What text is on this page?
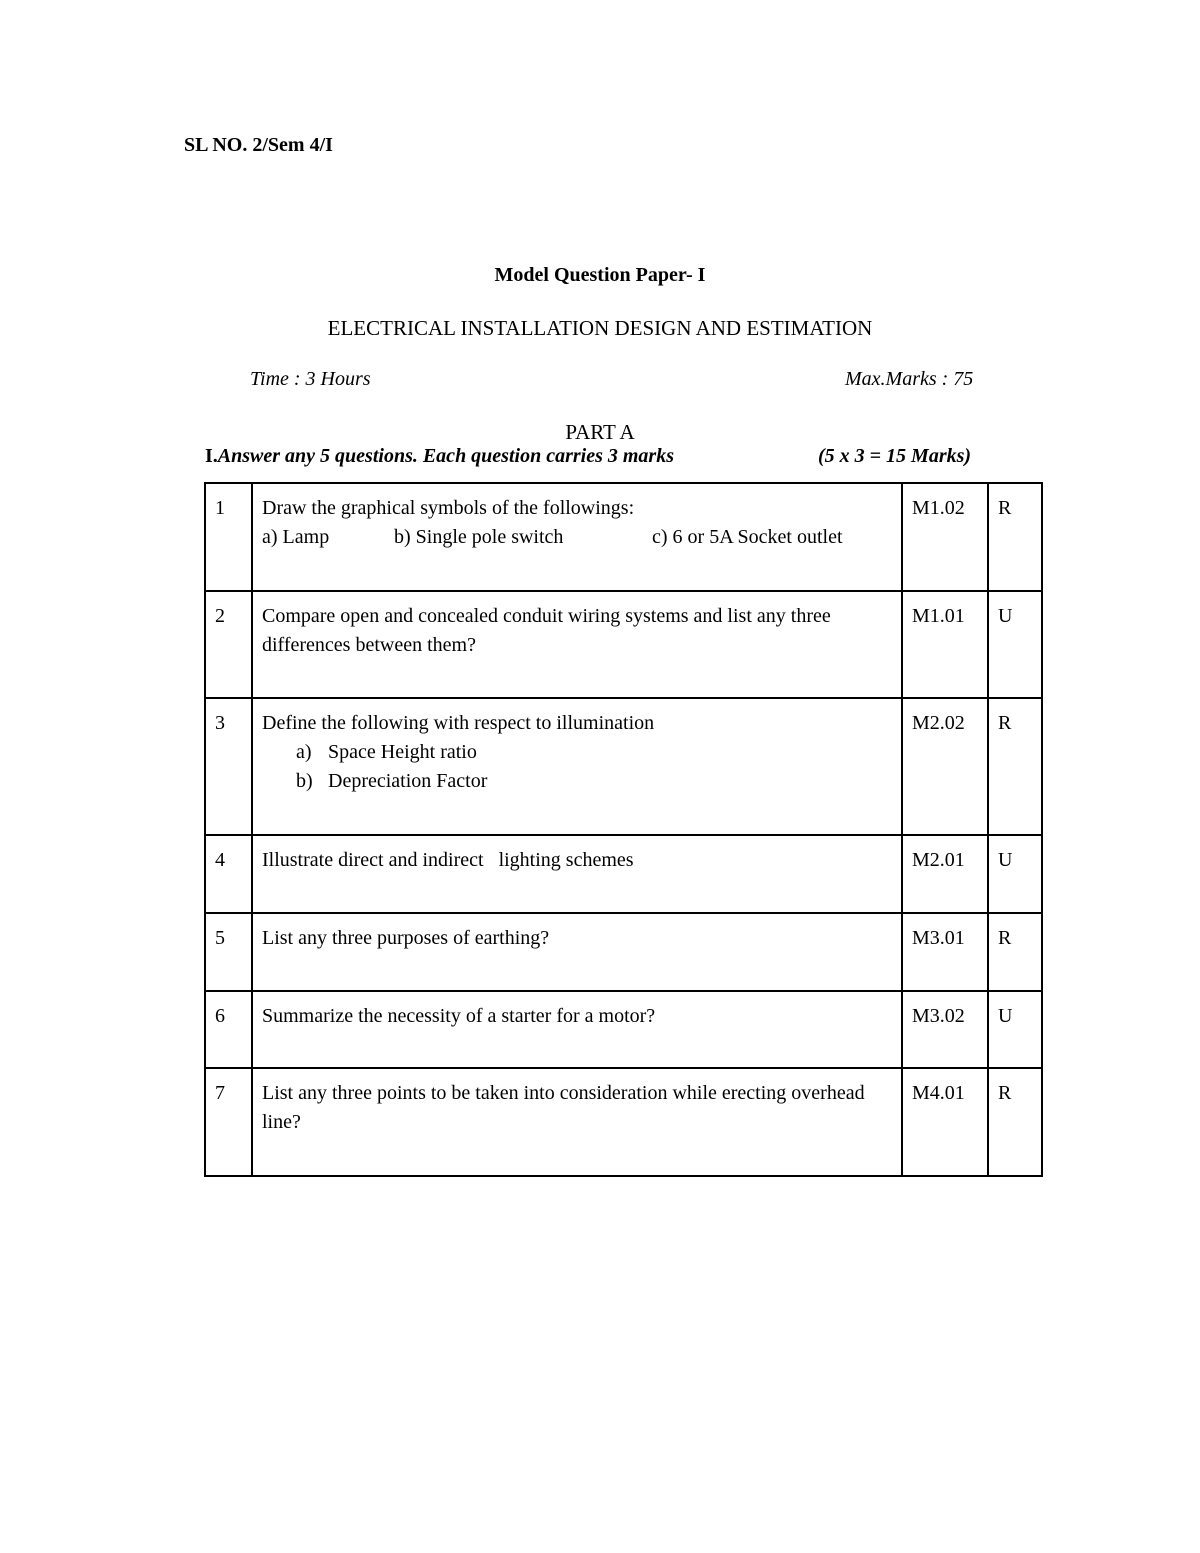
SL NO. 2/Sem 4/I
Model Question Paper- I
ELECTRICAL INSTALLATION DESIGN AND ESTIMATION
Time : 3 Hours	Max.Marks : 75
PART A
I.Answer any 5 questions. Each question carries 3 marks	(5 x 3 = 15 Marks)
1	Draw the graphical symbols of the followings:
a) Lamp b) Single pole switch c) 6 or 5A Socket outlet	M1.02	R
2	Compare open and concealed conduit wiring systems and list any three differences between them?	M1.01	U
3	Define the following with respect to illumination
a) Space Height ratio
b) Depreciation Factor	M2.02	R
4	Illustrate direct and indirect   lighting schemes	M2.01	U
5	List any three purposes of earthing?	M3.01	R
6	Summarize the necessity of a starter for a motor?	M3.02	U
7	List any three points to be taken into consideration while erecting overhead line?	M4.01	R
